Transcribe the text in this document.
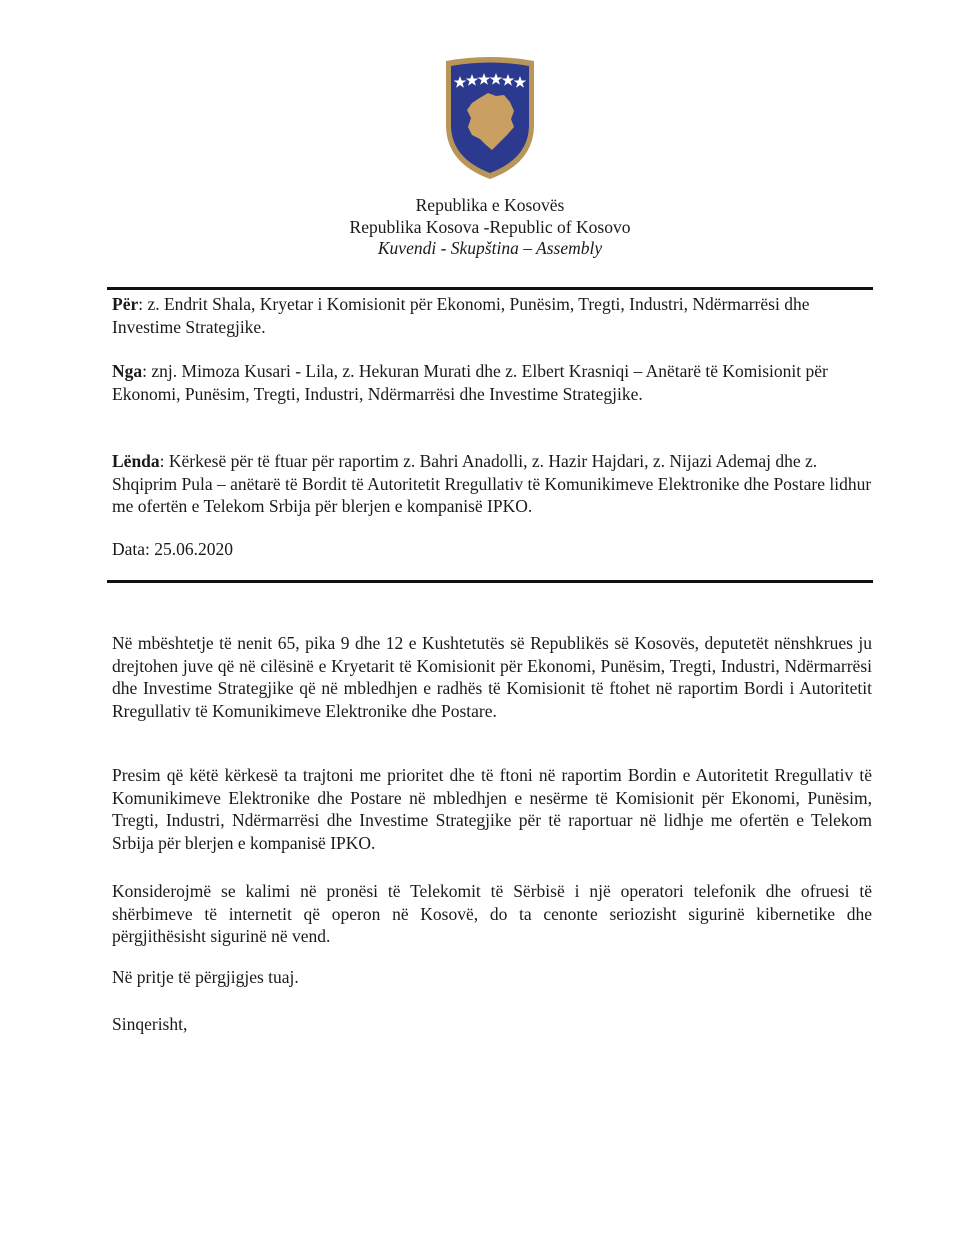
Republika e Kosovës
Republika Kosova -Republic of Kosovo
Kuvendi - Skupština – Assembly
Për: z. Endrit Shala, Kryetar i Komisionit për Ekonomi, Punësim, Tregti, Industri, Ndërmarrësi dhe Investime Strategjike.
Nga: znj. Mimoza Kusari - Lila, z. Hekuran Murati dhe z. Elbert Krasniqi – Anëtarë të Komisionit për Ekonomi, Punësim, Tregti, Industri, Ndërmarrësi dhe Investime Strategjike.
Lënda: Kërkesë për të ftuar për raportim z. Bahri Anadolli, z. Hazir Hajdari, z. Nijazi Ademaj dhe z. Shqiprim Pula – anëtarë të Bordit të Autoritetit Rregullativ të Komunikimeve Elektronike dhe Postare lidhur me ofertën e Telekom Srbija për blerjen e kompanisë IPKO.
Data: 25.06.2020
Në mbështetje të nenit 65, pika 9 dhe 12 e Kushtetutës së Republikës së Kosovës, deputetët nënshkrues ju drejtohen juve që në cilësinë e Kryetarit të Komisionit për Ekonomi, Punësim, Tregti, Industri, Ndërmarrësi dhe Investime Strategjike që në mbledhjen e radhës të Komisionit të ftohet në raportim Bordi i Autoritetit Rregullativ të Komunikimeve Elektronike dhe Postare.
Presim që këtë kërkesë ta trajtoni me prioritet dhe të ftoni në raportim Bordin e Autoritetit Rregullativ të Komunikimeve Elektronike dhe Postare në mbledhjen e nesërme të Komisionit për Ekonomi, Punësim, Tregti, Industri, Ndërmarrësi dhe Investime Strategjike për të raportuar në lidhje me ofertën e Telekom Srbija për blerjen e kompanisë IPKO.
Konsiderojmë se kalimi në pronësi të Telekomit të Sërbisë i një operatori telefonik dhe ofruesi të shërbimeve të internetit që operon në Kosovë, do ta cenonte seriozisht sigurinë kibernetike dhe përgjithësisht sigurinë në vend.
Në pritje të përgjigjes tuaj.
Sinqerisht,
